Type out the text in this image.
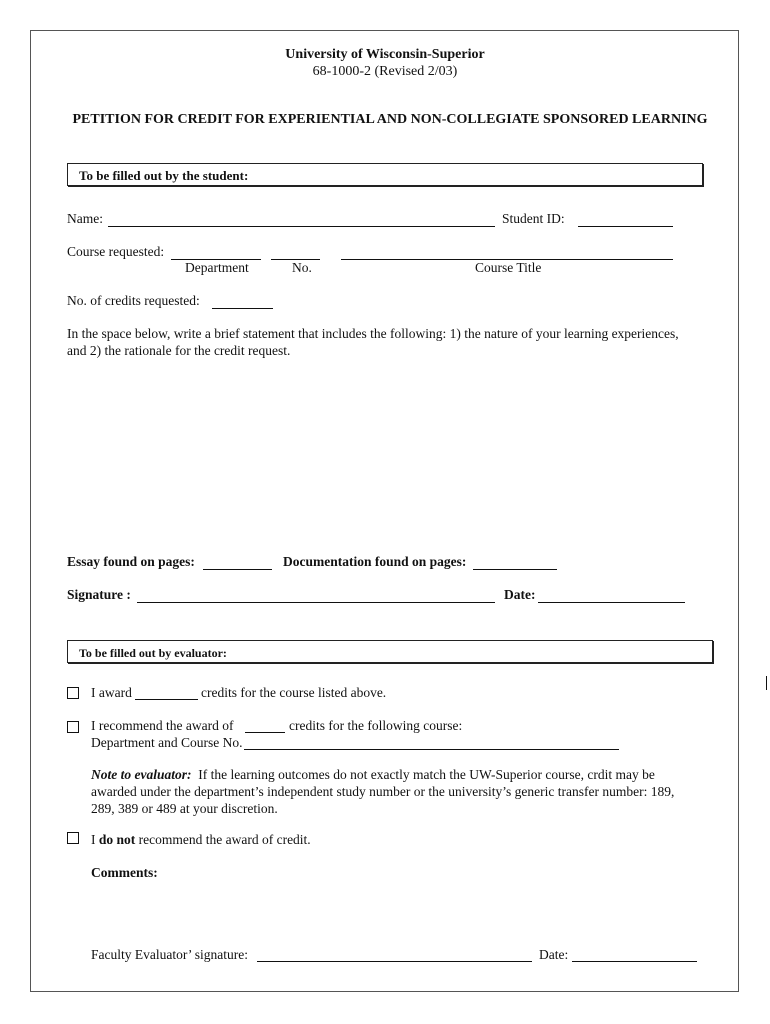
University of Wisconsin-Superior
68-1000-2 (Revised 2/03)
PETITION FOR CREDIT FOR EXPERIENTIAL AND NON-COLLEGIATE SPONSORED LEARNING
To be filled out by the student:
Name:	Student ID:
Course requested:
Department	No.	Course Title
No. of credits requested:
In the space below, write a brief statement that includes the following: 1) the nature of your learning experiences,
and 2) the rationale for the credit request.
Essay found on pages:	Documentation found on pages:
Signature :	Date:
To be filled out by evaluator:
I award	credits for the course listed above.
I recommend the award of	credits for the following course:
Department and Course No.
Note to evaluator: If the learning outcomes do not exactly match the UW-Superior course, crdit may be
awarded under the department’s independent study number or the university’s generic transfer number: 189,
289, 389 or 489 at your discretion.
I do not recommend the award of credit.
Comments:
Faculty Evaluator’ signature:	Date:
